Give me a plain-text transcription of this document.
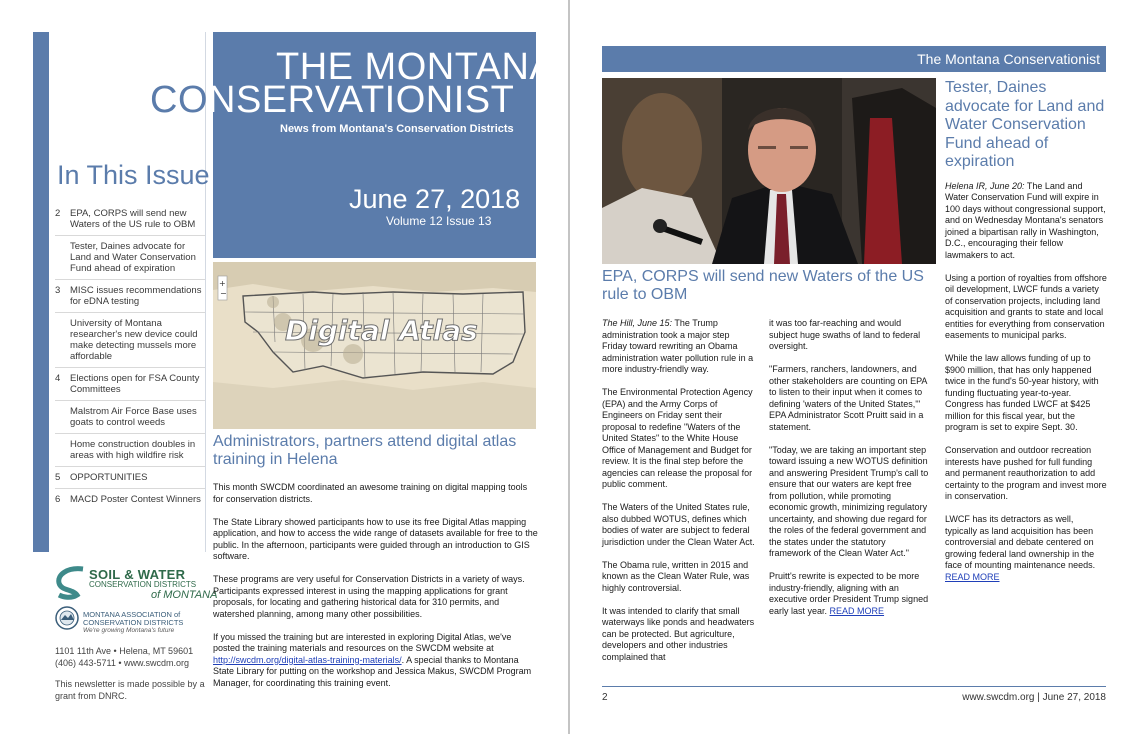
THE MONTANA
CONSERVATIONIST
News from Montana's Conservation Districts
June 27, 2018
Volume 12 Issue 13
In This Issue
2	EPA, CORPS will send new Waters of the US rule to OBM
Tester, Daines advocate for Land and Water Conservation Fund ahead of expiration
3	MISC issues recommendations for eDNA testing
University of Montana researcher's new device could make detecting mussels more affordable
4	Elections open for FSA County Committees
Malstrom Air Force Base uses goats to control weeds
Home construction doubles in areas with high wildfire risk
5	OPPORTUNITIES
6	MACD Poster Contest Winners
SOIL & WATER
CONSERVATION DISTRICTS
of MONTANA
MONTANA ASSOCIATION of
CONSERVATION DISTRICTS
We're growing Montana's future
1101 11th Ave • Helena, MT 59601
(406) 443-5711 • www.swcdm.org
This newsletter is made possible by a grant from DNRC.
+
−
Digital Atlas
Administrators, partners attend digital atlas training in Helena

This month SWCDM coordinated an awesome training on digital mapping tools for conservation districts.

The State Library showed participants how to use its free Digital Atlas mapping application, and how to access the wide range of datasets available for free to the public. In the afternoon, participants were guided through an introduction to GIS software.

These programs are very useful for Conservation Districts in a variety of ways. Participants expressed interest in using the mapping applications for grant proposals, for locating and gathering historical data for 310 permits, and watershed planning, among many other possibilities.

If you missed the training but are interested in exploring Digital Atlas, we've posted the training materials and resources on the SWCDM website at http://swcdm.org/digital-atlas-training-materials/. A special thanks to Montana State Library for putting on the workshop and Jessica Makus, SWCDM Program Manager, for coordinating this training event.

The Montana Conservationist
EPA, CORPS will send new Waters of the US rule to OBM

The Hill, June 15: The Trump administration took a major step Friday toward rewriting an Obama administration water pollution rule in a more industry-friendly way.

The Environmental Protection Agency (EPA) and the Army Corps of Engineers on Friday sent their proposal to redefine "Waters of the United States" to the White House Office of Management and Budget for review. It is the final step before the agencies can release the proposal for public comment.

The Waters of the United States rule, also dubbed WOTUS, defines which bodies of water are subject to federal jurisdiction under the Clean Water Act.

The Obama rule, written in 2015 and known as the Clean Water Rule, was highly controversial.

It was intended to clarify that small waterways like ponds and headwaters can be protected. But agriculture, developers and other industries complained that

it was too far-reaching and would subject huge swaths of land to federal oversight.

"Farmers, ranchers, landowners, and other stakeholders are counting on EPA to listen to their input when it comes to defining 'waters of the United States,'" EPA Administrator Scott Pruitt said in a statement.

"Today, we are taking an important step toward issuing a new WOTUS definition and answering President Trump's call to ensure that our waters are kept free from pollution, while promoting economic growth, minimizing regulatory uncertainty, and showing due regard for the roles of the federal government and the states under the statutory framework of the Clean Water Act."

Pruitt's rewrite is expected to be more industry-friendly, aligning with an executive order President Trump signed early last year. READ MORE

Tester, Daines advocate for Land and Water Conservation Fund ahead of expiration

Helena IR, June 20: The Land and Water Conservation Fund will expire in 100 days without congressional support, and on Wednesday Montana's senators joined a bipartisan rally in Washington, D.C., encouraging their fellow lawmakers to act.

Using a portion of royalties from offshore oil development, LWCF funds a variety of conservation projects, including land acquisition and grants to state and local entities for everything from conservation easements to municipal parks.

While the law allows funding of up to $900 million, that has only happened twice in the fund's 50-year history, with funding fluctuating year-to-year. Congress has funded LWCF at $425 million for this fiscal year, but the program is set to expire Sept. 30.

Conservation and outdoor recreation interests have pushed for full funding and permanent reauthorization to add certainty to the program and invest more in conservation.

LWCF has its detractors as well, typically as land acquisition has been controversial and debate centered on growing federal land ownership in the face of mounting maintenance needs. READ MORE

2	www.swcdm.org | June 27, 2018
